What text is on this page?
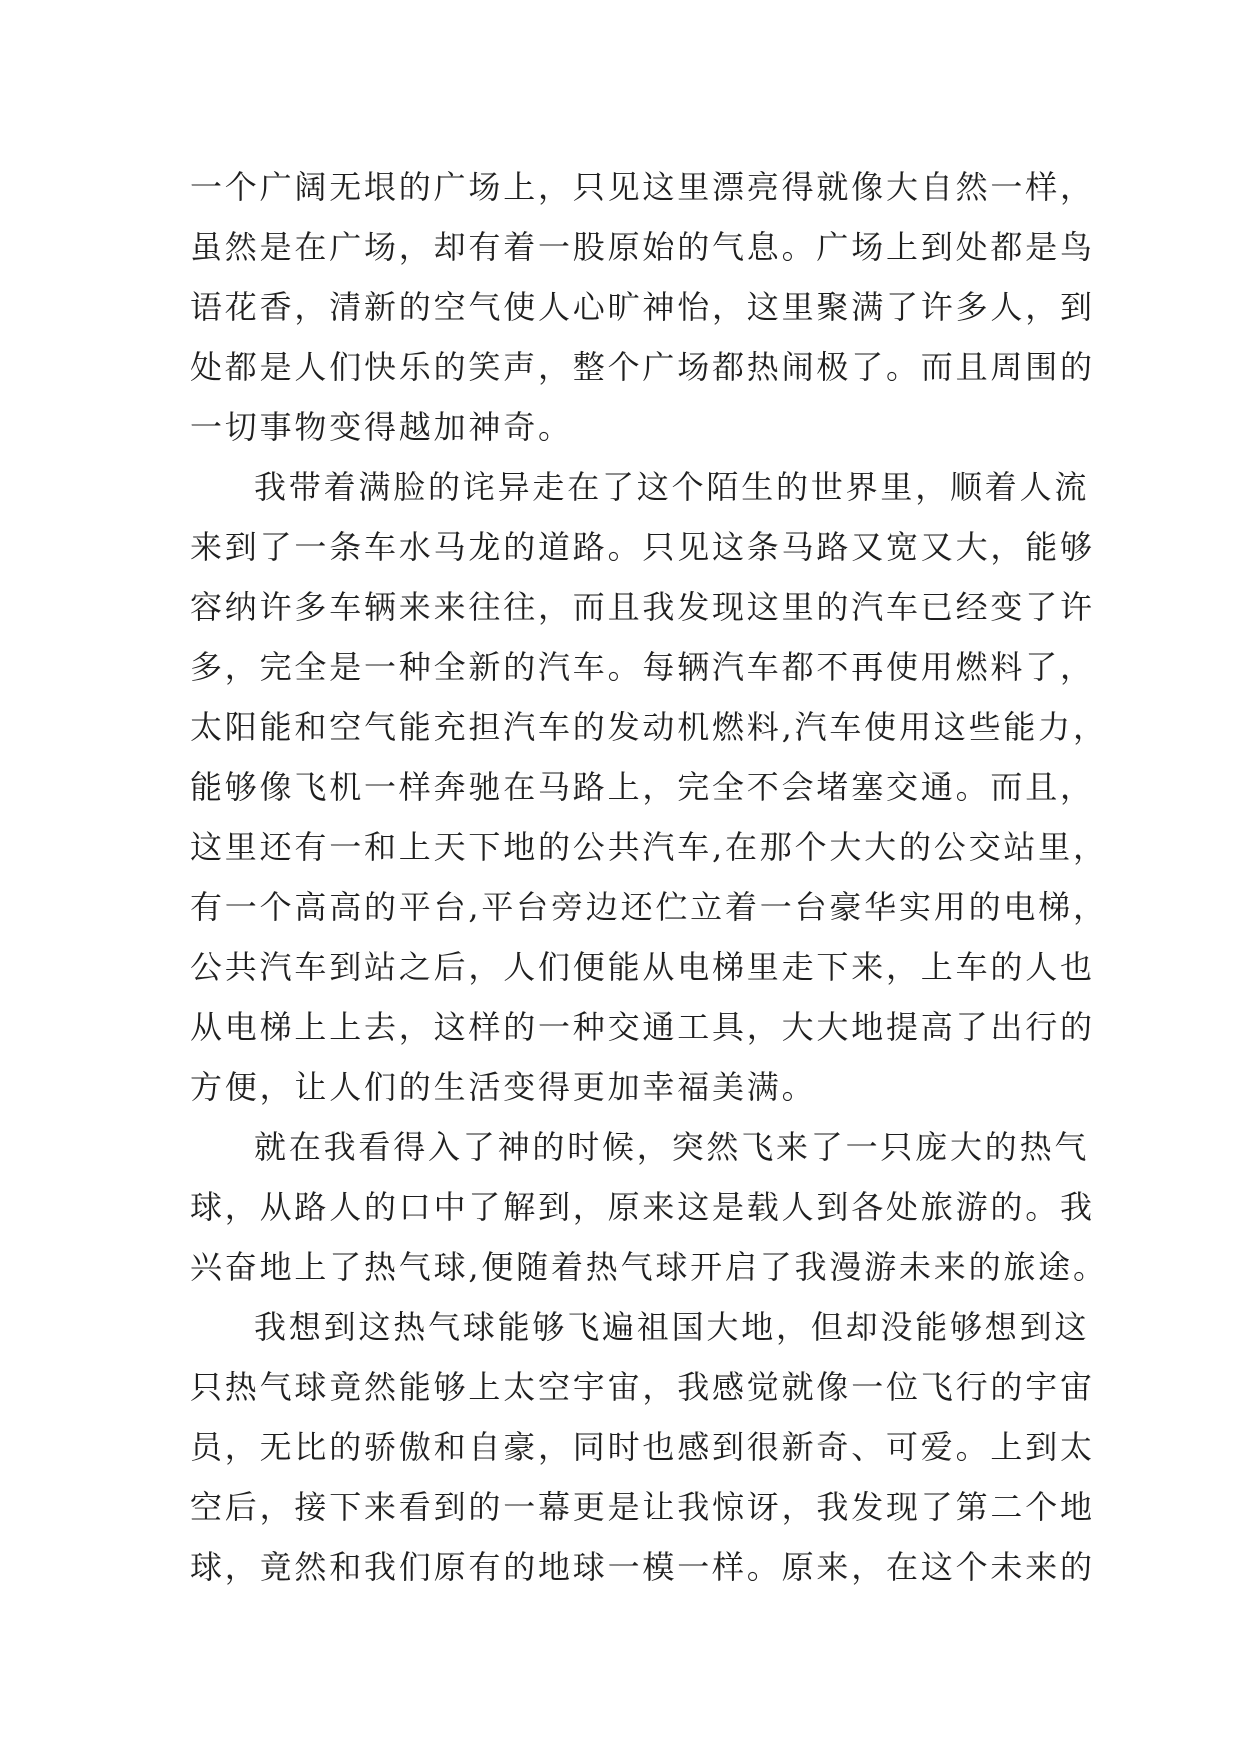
一个广阔无垠的广场上，只见这里漂亮得就像大自然一样，
虽然是在广场，却有着一股原始的气息。广场上到处都是鸟
语花香，清新的空气使人心旷神怡，这里聚满了许多人，到
处都是人们快乐的笑声，整个广场都热闹极了。而且周围的
一切事物变得越加神奇。
我带着满脸的诧异走在了这个陌生的世界里，顺着人流
来到了一条车水马龙的道路。只见这条马路又宽又大，能够
容纳许多车辆来来往往，而且我发现这里的汽车已经变了许
多，完全是一种全新的汽车。每辆汽车都不再使用燃料了，
太阳能和空气能充担汽车的发动机燃料,汽车使用这些能力，
能够像飞机一样奔驰在马路上，完全不会堵塞交通。而且，
这里还有一和上天下地的公共汽车,在那个大大的公交站里，
有一个高高的平台,平台旁边还伫立着一台豪华实用的电梯，
公共汽车到站之后，人们便能从电梯里走下来，上车的人也
从电梯上上去，这样的一种交通工具，大大地提高了出行的
方便，让人们的生活变得更加幸福美满。
就在我看得入了神的时候，突然飞来了一只庞大的热气
球，从路人的口中了解到，原来这是载人到各处旅游的。我
兴奋地上了热气球,便随着热气球开启了我漫游未来的旅途。
我想到这热气球能够飞遍祖国大地，但却没能够想到这
只热气球竟然能够上太空宇宙，我感觉就像一位飞行的宇宙
员，无比的骄傲和自豪，同时也感到很新奇、可爱。上到太
空后，接下来看到的一幕更是让我惊讶，我发现了第二个地
球，竟然和我们原有的地球一模一样。原来，在这个未来的
